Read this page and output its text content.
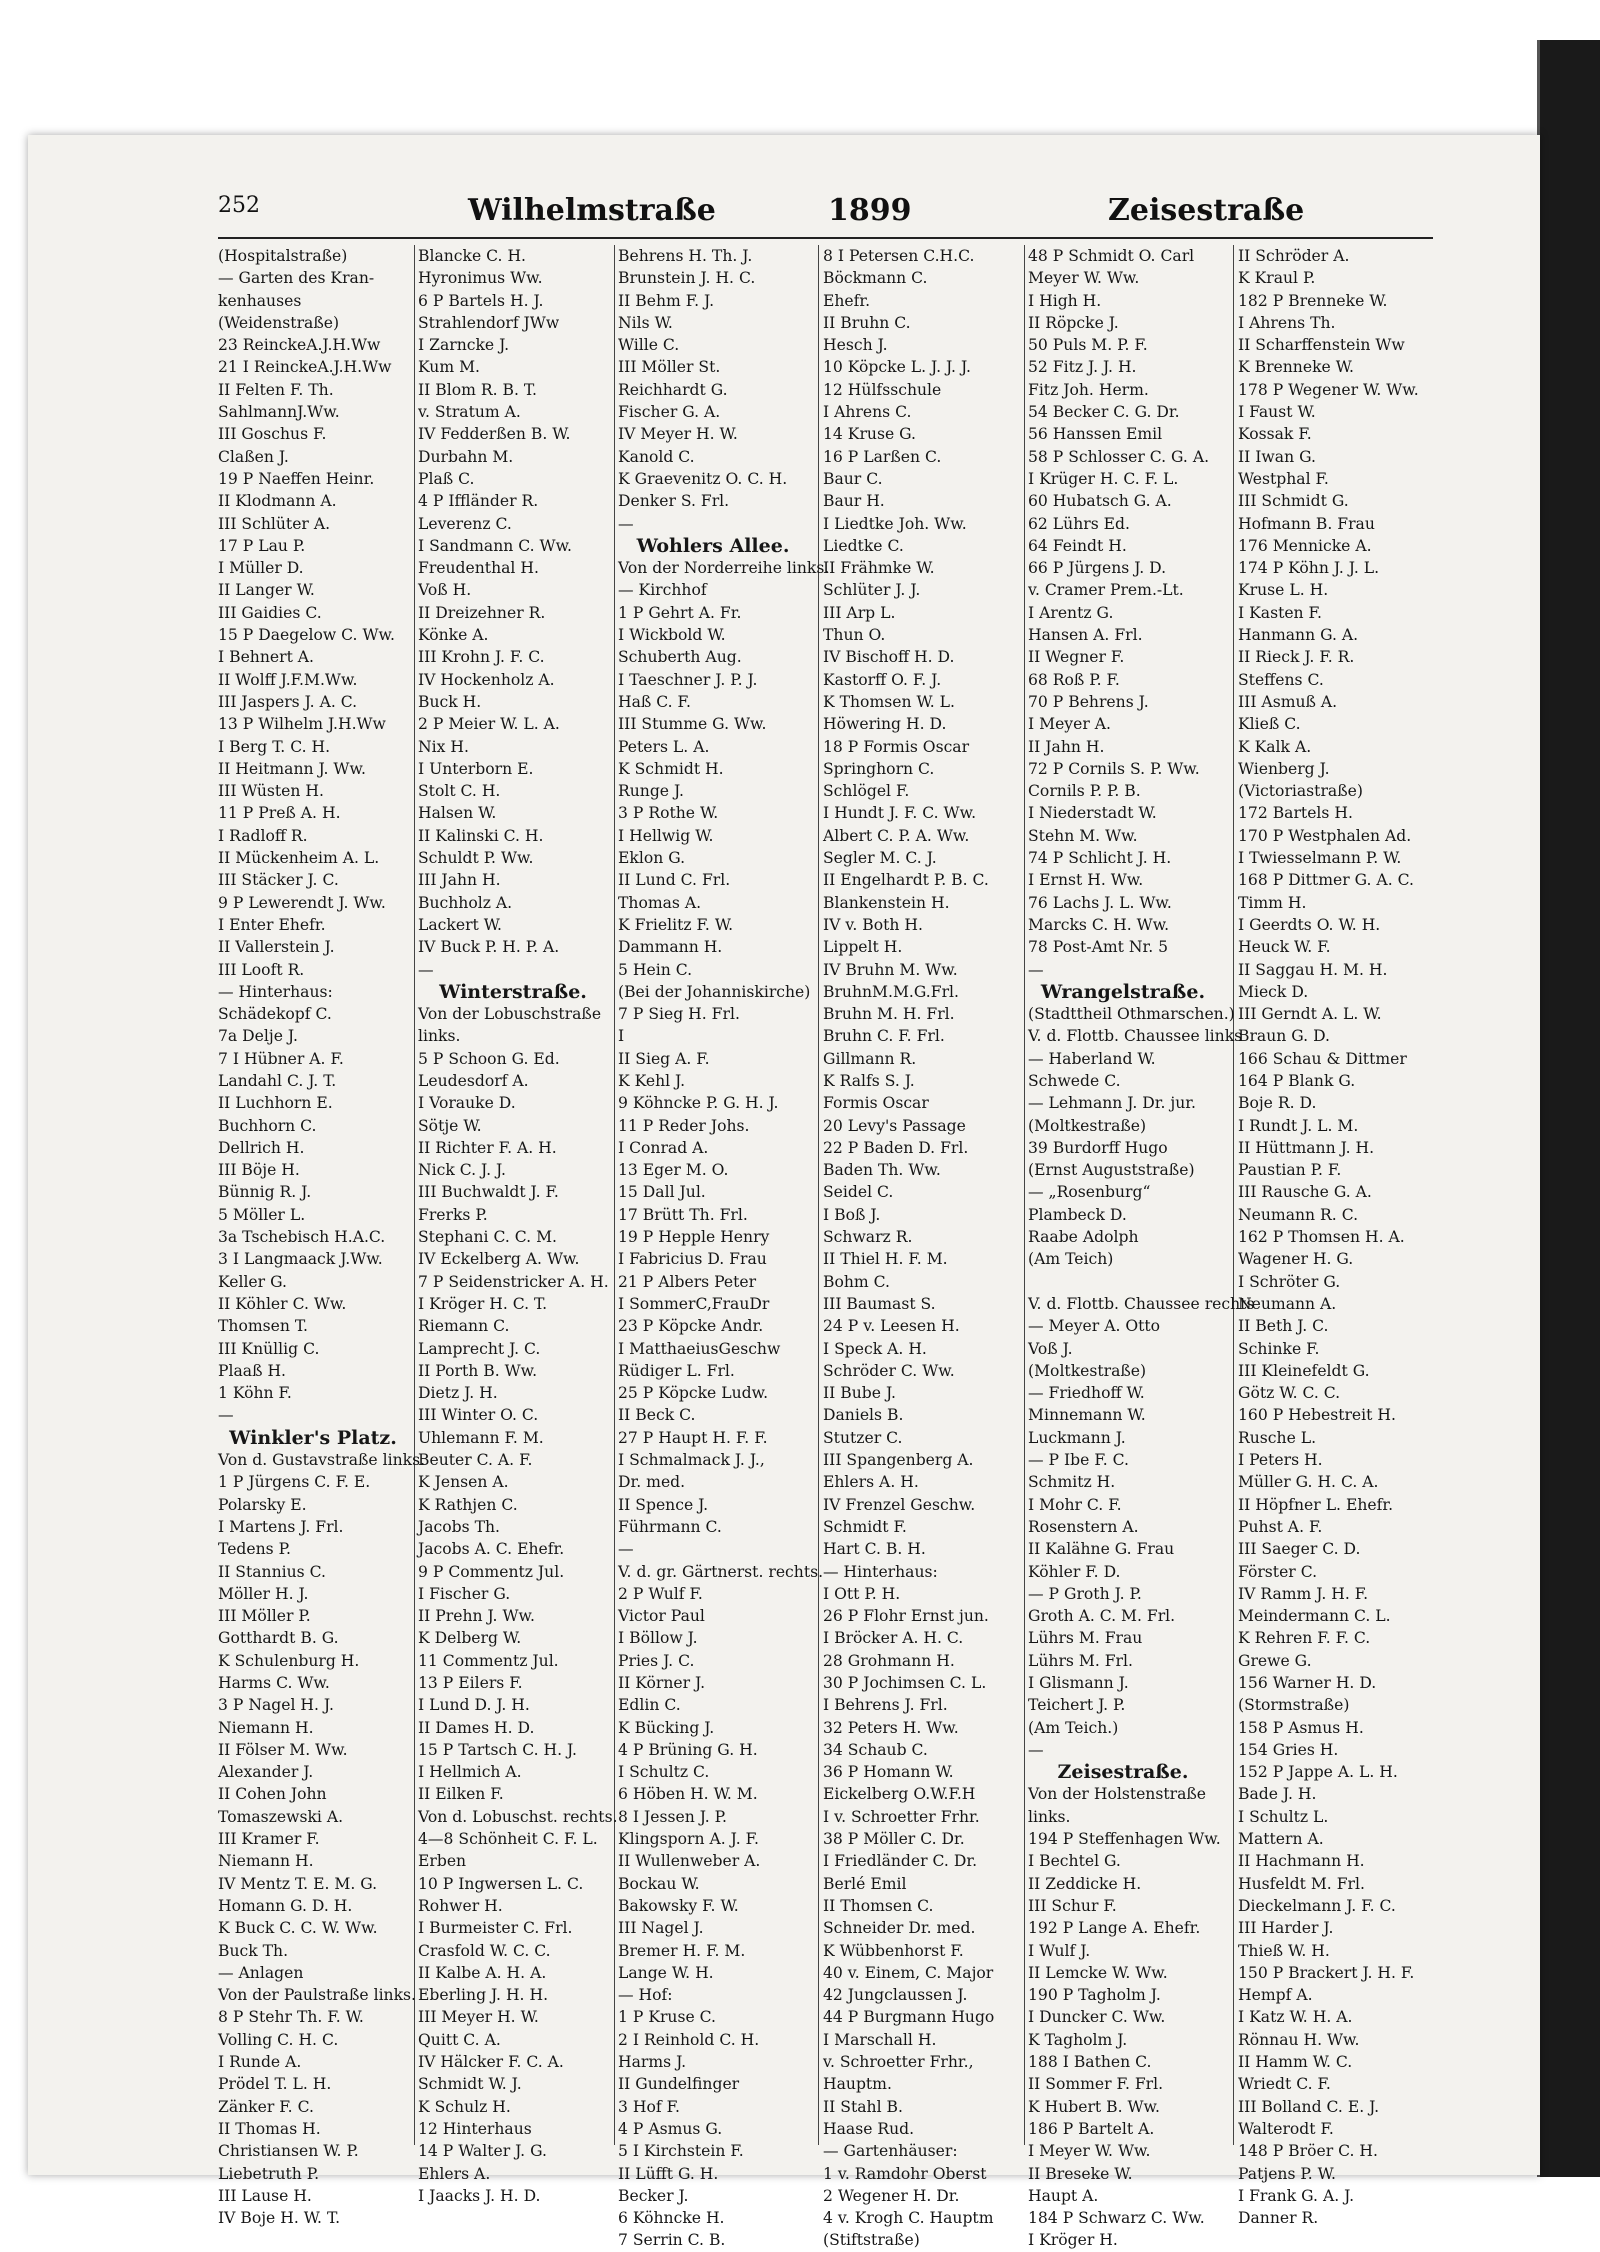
252	Wilhelmstraße	1899	Zeisestraße
(Hospitalstraße)
— Garten des Kran-
kenhauses
(Weidenstraße)
23 ReinckeA.J.H.Ww
21 I ReinckeA.J.H.Ww
II Felten F. Th.
SahlmannJ.Ww.
III Goschus F.
Claßen J.
19 P Naeffen Heinr.
II Klodmann A.
III Schlüter A.
17 P Lau P.
I Müller D.
II Langer W.
III Gaidies C.
15 P Daegelow C. Ww.
I Behnert A.
II Wolff J.F.M.Ww.
III Jaspers J. A. C.
13 P Wilhelm J.H.Ww
I Berg T. C. H.
II Heitmann J. Ww.
III Wüsten H.
11 P Preß A. H.
I Radloff R.
II Mückenheim A. L.
III Stäcker J. C.
9 P Lewerendt J. Ww.
I Enter Ehefr.
II Vallerstein J.
III Looft R.
— Hinterhaus:
Schädekopf C.
7a Delje J.
7 I Hübner A. F.
Landahl C. J. T.
II Luchhorn E.
Buchhorn C.
Dellrich H.
III Böje H.
Bünnig R. J.
5 Möller L.
3a Tschebisch H.A.C.
3 I Langmaack J.Ww.
Keller G.
II Köhler C. Ww.
Thomsen T.
III Knüllig C.
Plaaß H.
1 Köhn F.
—
Winkler's Platz.
Von d. Gustavstraße links.
1 P Jürgens C. F. E.
Polarsky E.
I Martens J. Frl.
Tedens P.
II Stannius C.
Möller H. J.
III Möller P.
Gotthardt B. G.
K Schulenburg H.
Harms C. Ww.
3 P Nagel H. J.
Niemann H.
II Fölser M. Ww.
Alexander J.
II Cohen John
Tomaszewski A.
III Kramer F.
Niemann H.
IV Mentz T. E. M. G.
Homann G. D. H.
K Buck C. C. W. Ww.
Buck Th.
— Anlagen
Von der Paulstraße links.
8 P Stehr Th. F. W.
Volling C. H. C.
I Runde A.
Prödel T. L. H.
Zänker F. C.
II Thomas H.
Christiansen W. P.
Liebetruth P.
III Lause H.
IV Boje H. W. T.
Blancke C. H.
Hyronimus Ww.
6 P Bartels H. J.
Strahlendorf JWw
I Zarncke J.
Kum M.
II Blom R. B. T.
v. Stratum A.
IV Fedderßen B. W.
Durbahn M.
Plaß C.
4 P Iffländer R.
Leverenz C.
I Sandmann C. Ww.
Freudenthal H.
Voß H.
II Dreizehner R.
Könke A.
III Krohn J. F. C.
IV Hockenholz A.
Buck H.
2 P Meier W. L. A.
Nix H.
I Unterborn E.
Stolt C. H.
Halsen W.
II Kalinski C. H.
Schuldt P. Ww.
III Jahn H.
Buchholz A.
Lackert W.
IV Buck P. H. P. A.
—
Winterstraße.
Von der Lobuschstraße
links.
5 P Schoon G. Ed.
Leudesdorf A.
I Vorauke D.
Sötje W.
II Richter F. A. H.
Nick C. J. J.
III Buchwaldt J. F.
Frerks P.
Stephani C. C. M.
IV Eckelberg A. Ww.
7 P Seidenstricker A. H.
I Kröger H. C. T.
Riemann C.
Lamprecht J. C.
II Porth B. Ww.
Dietz J. H.
III Winter O. C.
Uhlemann F. M.
Beuter C. A. F.
K Jensen A.
K Rathjen C.
Jacobs Th.
Jacobs A. C. Ehefr.
9 P Commentz Jul.
I Fischer G.
II Prehn J. Ww.
K Delberg W.
11 Commentz Jul.
13 P Eilers F.
I Lund D. J. H.
II Dames H. D.
15 P Tartsch C. H. J.
I Hellmich A.
II Eilken F.
Von d. Lobuschst. rechts.
4—8 Schönheit C. F. L.
Erben
10 P Ingwersen L. C.
Rohwer H.
I Burmeister C. Frl.
Crasfold W. C. C.
II Kalbe A. H. A.
Eberling J. H. H.
III Meyer H. W.
Quitt C. A.
IV Hälcker F. C. A.
Schmidt W. J.
K Schulz H.
12 Hinterhaus
14 P Walter J. G.
Ehlers A.
I Jaacks J. H. D.
Behrens H. Th. J.
Brunstein J. H. C.
II Behm F. J.
Nils W.
Wille C.
III Möller St.
Reichhardt G.
Fischer G. A.
IV Meyer H. W.
Kanold C.
K Graevenitz O. C. H.
Denker S. Frl.
—
Wohlers Allee.
Von der Norderreihe links.
— Kirchhof
1 P Gehrt A. Fr.
I Wickbold W.
Schuberth Aug.
I Taeschner J. P. J.
Haß C. F.
III Stumme G. Ww.
Peters L. A.
K Schmidt H.
Runge J.
3 P Rothe W.
I Hellwig W.
Eklon G.
II Lund C. Frl.
Thomas A.
K Frielitz F. W.
Dammann H.
5 Hein C.
(Bei der Johanniskirche)
7 P Sieg H. Frl.
I
II Sieg A. F.
K Kehl J.
9 Köhncke P. G. H. J.
11 P Reder Johs.
I Conrad A.
13 Eger M. O.
15 Dall Jul.
17 Brütt Th. Frl.
19 P Hepple Henry
I Fabricius D. Frau
21 P Albers Peter
I SommerC,FrauDr
23 P Köpcke Andr.
I MatthaeiusGeschw
Rüdiger L. Frl.
25 P Köpcke Ludw.
II Beck C.
27 P Haupt H. F. F.
I Schmalmack J. J.,
Dr. med.
II Spence J.
Führmann C.
—
V. d. gr. Gärtnerst. rechts.
2 P Wulf F.
Victor Paul
I Böllow J.
Pries J. C.
II Körner J.
Edlin C.
K Bücking J.
4 P Brüning G. H.
I Schultz C.
6 Höben H. W. M.
8 I Jessen J. P.
Klingsporn A. J. F.
II Wullenweber A.
Bockau W.
Bakowsky F. W.
III Nagel J.
Bremer H. F. M.
Lange W. H.
— Hof:
1 P Kruse C.
2 I Reinhold C. H.
Harms J.
II Gundelfinger
3 Hof F.
4 P Asmus G.
5 I Kirchstein F.
II Lüfft G. H.
Becker J.
6 Köhncke H.
7 Serrin C. B.
8 I Petersen C.H.C.
Böckmann C.
Ehefr.
II Bruhn C.
Hesch J.
10 Köpcke L. J. J. J.
12 Hülfsschule
I Ahrens C.
14 Kruse G.
16 P Larßen C.
Baur C.
Baur H.
I Liedtke Joh. Ww.
Liedtke C.
II Frähmke W.
Schlüter J. J.
III Arp L.
Thun O.
IV Bischoff H. D.
Kastorff O. F. J.
K Thomsen W. L.
Höwering H. D.
18 P Formis Oscar
Springhorn C.
Schlögel F.
I Hundt J. F. C. Ww.
Albert C. P. A. Ww.
Segler M. C. J.
II Engelhardt P. B. C.
Blankenstein H.
IV v. Both H.
Lippelt H.
IV Bruhn M. Ww.
BruhnM.M.G.Frl.
Bruhn M. H. Frl.
Bruhn C. F. Frl.
Gillmann R.
K Ralfs S. J.
Formis Oscar
20 Levy's Passage
22 P Baden D. Frl.
Baden Th. Ww.
Seidel C.
I Boß J.
Schwarz R.
II Thiel H. F. M.
Bohm C.
III Baumast S.
24 P v. Leesen H.
I Speck A. H.
Schröder C. Ww.
II Bube J.
Daniels B.
Stutzer C.
III Spangenberg A.
Ehlers A. H.
IV Frenzel Geschw.
Schmidt F.
Hart C. B. H.
— Hinterhaus:
I Ott P. H.
26 P Flohr Ernst jun.
I Bröcker A. H. C.
28 Grohmann H.
30 P Jochimsen C. L.
I Behrens J. Frl.
32 Peters H. Ww.
34 Schaub C.
36 P Homann W.
Eickelberg O.W.F.H
I v. Schroetter Frhr.
38 P Möller C. Dr.
I Friedländer C. Dr.
Berlé Emil
II Thomsen C.
Schneider Dr. med.
K Wübbenhorst F.
40 v. Einem, C. Major
42 Jungclaussen J.
44 P Burgmann Hugo
I Marschall H.
v. Schroetter Frhr.,
Hauptm.
II Stahl B.
Haase Rud.
— Gartenhäuser:
1 v. Ramdohr Oberst
2 Wegener H. Dr.
4 v. Krogh C. Hauptm
(Stiftstraße)
48 P Schmidt O. Carl
Meyer W. Ww.
I High H.
II Röpcke J.
50 Puls M. P. F.
52 Fitz J. J. H.
Fitz Joh. Herm.
54 Becker C. G. Dr.
56 Hanssen Emil
58 P Schlosser C. G. A.
I Krüger H. C. F. L.
60 Hubatsch G. A.
62 Lührs Ed.
64 Feindt H.
66 P Jürgens J. D.
v. Cramer Prem.-Lt.
I Arentz G.
Hansen A. Frl.
II Wegner F.
68 Roß P. F.
70 P Behrens J.
I Meyer A.
II Jahn H.
72 P Cornils S. P. Ww.
Cornils P. P. B.
I Niederstadt W.
Stehn M. Ww.
74 P Schlicht J. H.
I Ernst H. Ww.
76 Lachs J. L. Ww.
Marcks C. H. Ww.
78 Post-Amt Nr. 5
—
Wrangelstraße.
(Stadttheil Othmarschen.)
V. d. Flottb. Chaussee links
— Haberland W.
Schwede C.
— Lehmann J. Dr. jur.
(Moltkestraße)
39 Burdorff Hugo
(Ernst Auguststraße)
— „Rosenburg“
Plambeck D.
Raabe Adolph
(Am Teich)
V. d. Flottb. Chaussee rechts
— Meyer A. Otto
Voß J.
(Moltkestraße)
— Friedhoff W.
Minnemann W.
Luckmann J.
— P Ibe F. C.
Schmitz H.
I Mohr C. F.
Rosenstern A.
II Kalähne G. Frau
Köhler F. D.
— P Groth J. P.
Groth A. C. M. Frl.
Lührs M. Frau
Lührs M. Frl.
I Glismann J.
Teichert J. P.
(Am Teich.)
—
Zeisestraße.
Von der Holstenstraße
links.
194 P Steffenhagen Ww.
I Bechtel G.
II Zeddicke H.
III Schur F.
192 P Lange A. Ehefr.
I Wulf J.
II Lemcke W. Ww.
190 P Tagholm J.
I Duncker C. Ww.
K Tagholm J.
188 I Bathen C.
II Sommer F. Frl.
K Hubert B. Ww.
186 P Bartelt A.
I Meyer W. Ww.
II Breseke W.
Haupt A.
184 P Schwarz C. Ww.
I Kröger H.
II Schröder A.
K Kraul P.
182 P Brenneke W.
I Ahrens Th.
II Scharffenstein Ww
K Brenneke W.
178 P Wegener W. Ww.
I Faust W.
Kossak F.
II Iwan G.
Westphal F.
III Schmidt G.
Hofmann B. Frau
176 Mennicke A.
174 P Köhn J. J. L.
Kruse L. H.
I Kasten F.
Hanmann G. A.
II Rieck J. F. R.
Steffens C.
III Asmuß A.
Kließ C.
K Kalk A.
Wienberg J.
(Victoriastraße)
172 Bartels H.
170 P Westphalen Ad.
I Twiesselmann P. W.
168 P Dittmer G. A. C.
Timm H.
I Geerdts O. W. H.
Heuck W. F.
II Saggau H. M. H.
Mieck D.
III Gerndt A. L. W.
Braun G. D.
166 Schau & Dittmer
164 P Blank G.
Boje R. D.
I Rundt J. L. M.
II Hüttmann J. H.
Paustian P. F.
III Rausche G. A.
Neumann R. C.
162 P Thomsen H. A.
Wagener H. G.
I Schröter G.
Neumann A.
II Beth J. C.
Schinke F.
III Kleinefeldt G.
Götz W. C. C.
160 P Hebestreit H.
Rusche L.
I Peters H.
Müller G. H. C. A.
II Höpfner L. Ehefr.
Puhst A. F.
III Saeger C. D.
Förster C.
IV Ramm J. H. F.
Meindermann C. L.
K Rehren F. F. C.
Grewe G.
156 Warner H. D.
(Stormstraße)
158 P Asmus H.
154 Gries H.
152 P Jappe A. L. H.
Bade J. H.
I Schultz L.
Mattern A.
II Hachmann H.
Husfeldt M. Frl.
Dieckelmann J. F. C.
III Harder J.
Thieß W. H.
150 P Brackert J. H. F.
Hempf A.
I Katz W. H. A.
Rönnau H. Ww.
II Hamm W. C.
Wriedt C. F.
III Bolland C. E. J.
Walterodt F.
148 P Bröer C. H.
Patjens P. W.
I Frank G. A. J.
Danner R.
